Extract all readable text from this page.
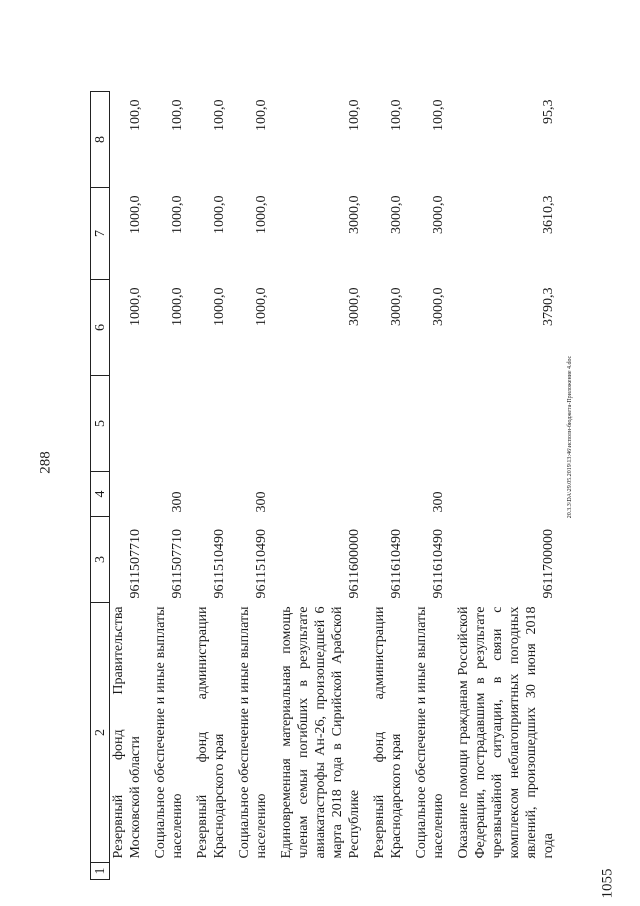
288
1055
20.3.3\DA\29.05.2019\13:46\исполн-бюджета-Приложение 4.doc
1	2	3	4	5	6	7	8
	Резервный фонд Правительства Московской области	9611507710			1000,0	1000,0	100,0
	Социальное обеспечение и иные выплаты населению	9611507710	300		1000,0	1000,0	100,0
	Резервный фонд администрации Краснодарского края	9611510490			1000,0	1000,0	100,0
	Социальное обеспечение и иные выплаты населению	9611510490	300		1000,0	1000,0	100,0
	Единовременная материальная помощь членам семьи погибших в результате авиакатастрофы Ан-26, произошедшей 6 марта 2018 года в Сирийской Арабской Республике	9611600000			3000,0	3000,0	100,0
	Резервный фонд администрации Краснодарского края	9611610490			3000,0	3000,0	100,0
	Социальное обеспечение и иные выплаты населению	9611610490	300		3000,0	3000,0	100,0
	Оказание помощи гражданам Российской Федерации, пострадавшим в результате чрезвычайной ситуации, в связи с комплексом неблагоприятных погодных явлений, произошедших 30 июня 2018 года	9611700000			3790,3	3610,3	95,3
